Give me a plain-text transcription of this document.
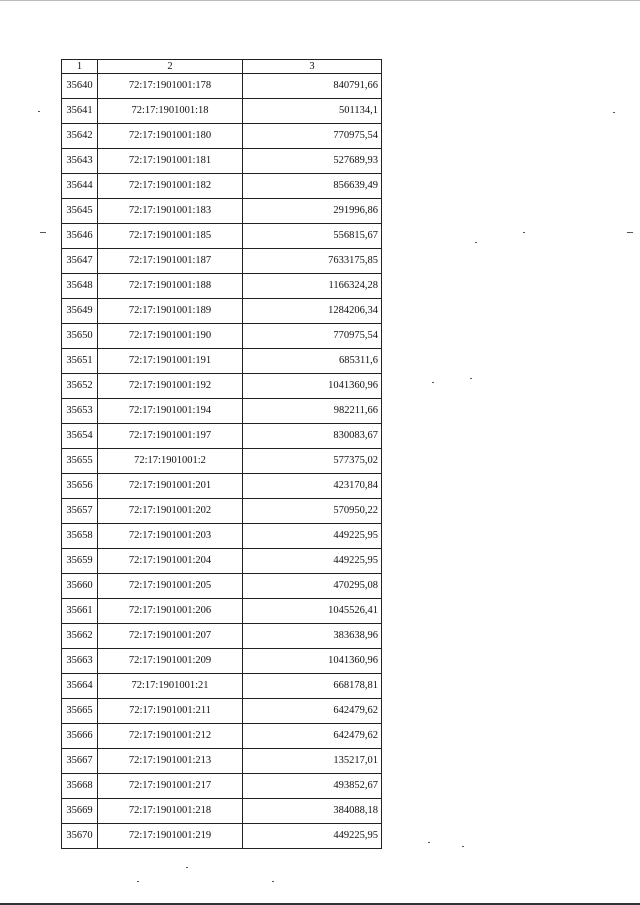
1	2	3
35640	72:17:1901001:178	840791,66
35641	72:17:1901001:18	501134,1
35642	72:17:1901001:180	770975,54
35643	72:17:1901001:181	527689,93
35644	72:17:1901001:182	856639,49
35645	72:17:1901001:183	291996,86
35646	72:17:1901001:185	556815,67
35647	72:17:1901001:187	7633175,85
35648	72:17:1901001:188	1166324,28
35649	72:17:1901001:189	1284206,34
35650	72:17:1901001:190	770975,54
35651	72:17:1901001:191	685311,6
35652	72:17:1901001:192	1041360,96
35653	72:17:1901001:194	982211,66
35654	72:17:1901001:197	830083,67
35655	72:17:1901001:2	577375,02
35656	72:17:1901001:201	423170,84
35657	72:17:1901001:202	570950,22
35658	72:17:1901001:203	449225,95
35659	72:17:1901001:204	449225,95
35660	72:17:1901001:205	470295,08
35661	72:17:1901001:206	1045526,41
35662	72:17:1901001:207	383638,96
35663	72:17:1901001:209	1041360,96
35664	72:17:1901001:21	668178,81
35665	72:17:1901001:211	642479,62
35666	72:17:1901001:212	642479,62
35667	72:17:1901001:213	135217,01
35668	72:17:1901001:217	493852,67
35669	72:17:1901001:218	384088,18
35670	72:17:1901001:219	449225,95
